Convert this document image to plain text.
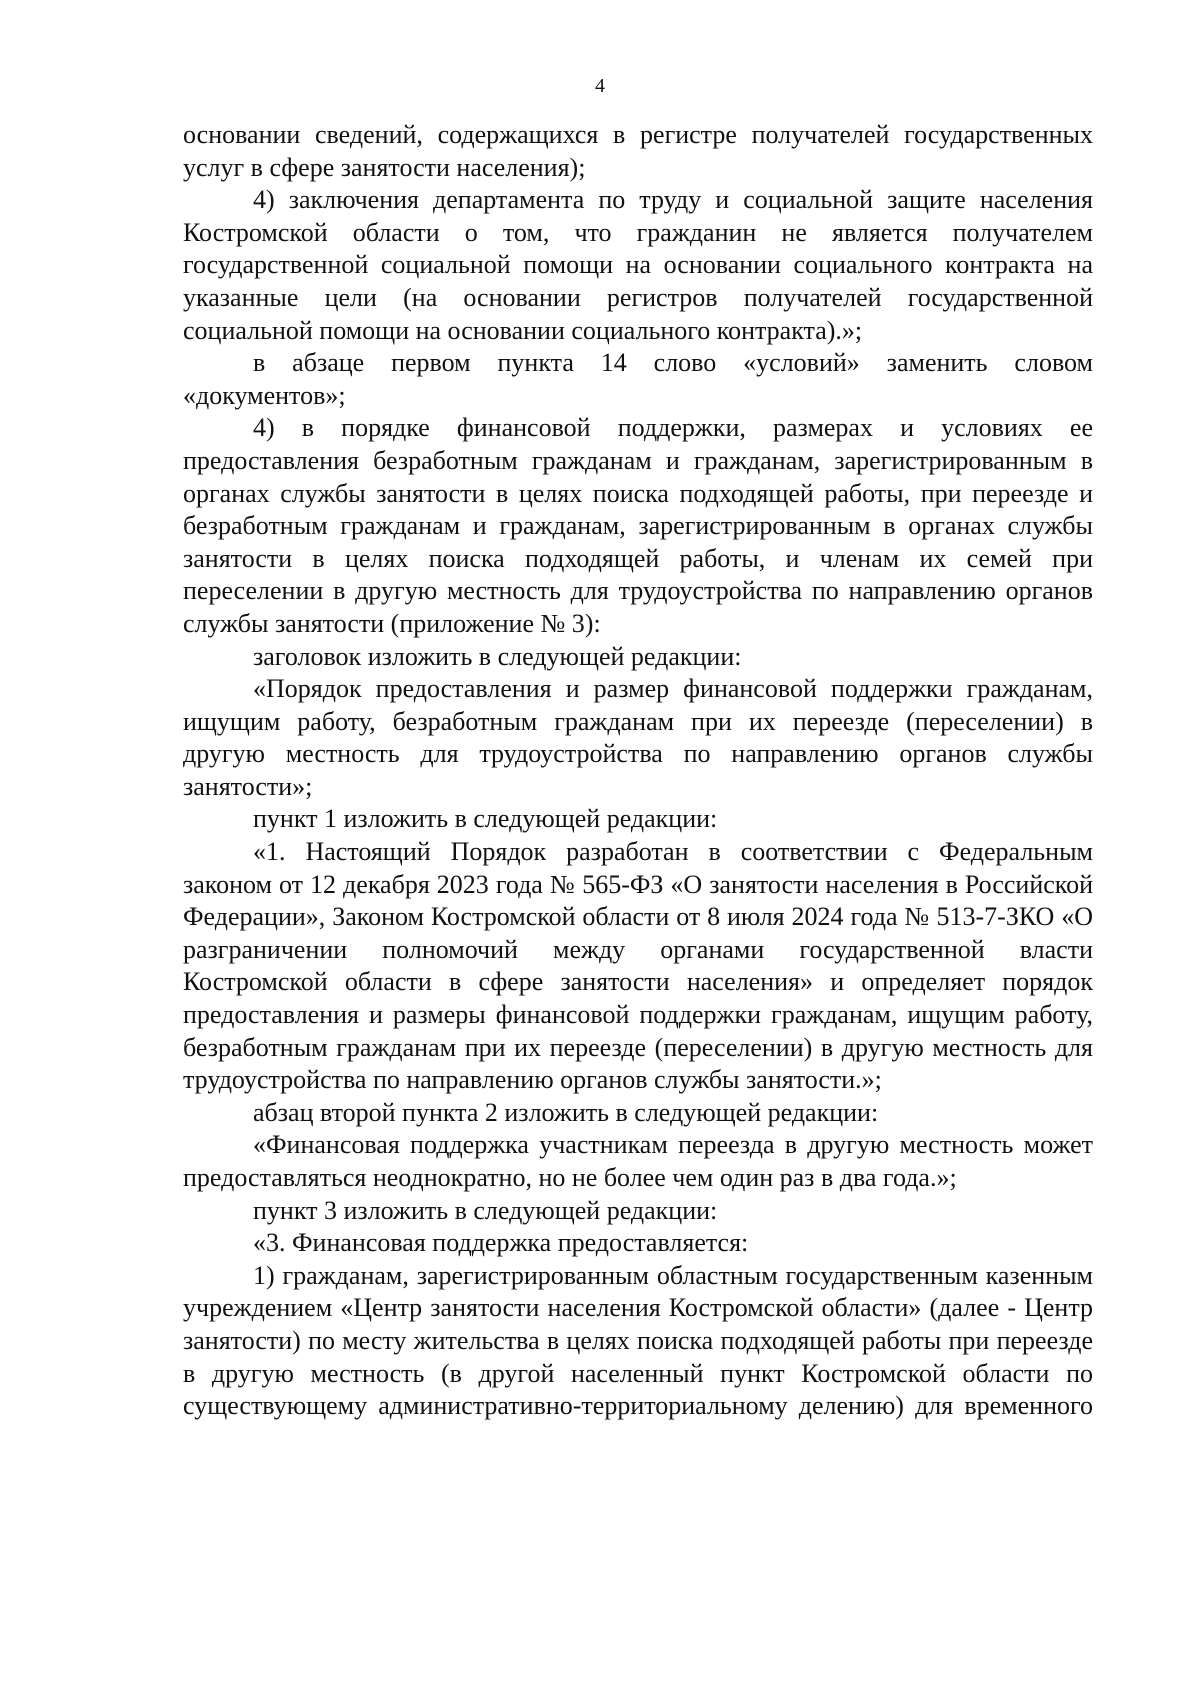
4

основании сведений, содержащихся в регистре получателей государственных услуг в сфере занятости населения);

4) заключения департамента по труду и социальной защите населения Костромской области о том, что гражданин не является получателем государственной социальной помощи на основании социального контракта на указанные цели (на основании регистров получателей государственной социальной помощи на основании социального контракта).»;

в абзаце первом пункта 14 слово «условий» заменить словом «документов»;

4) в порядке финансовой поддержки, размерах и условиях ее предоставления безработным гражданам и гражданам, зарегистрированным в органах службы занятости в целях поиска подходящей работы, при переезде и безработным гражданам и гражданам, зарегистрированным в органах службы занятости в целях поиска подходящей работы, и членам их семей при переселении в другую местность для трудоустройства по направлению органов службы занятости (приложение № 3):

заголовок изложить в следующей редакции:

«Порядок предоставления и размер финансовой поддержки гражданам, ищущим работу, безработным гражданам при их переезде (переселении) в другую местность для трудоустройства по направлению органов службы занятости»;

пункт 1 изложить в следующей редакции:

«1. Настоящий Порядок разработан в соответствии с Федеральным законом от 12 декабря 2023 года № 565-ФЗ «О занятости населения в Российской Федерации», Законом Костромской области от 8 июля 2024 года № 513-7-ЗКО «О разграничении полномочий между органами государственной власти Костромской области в сфере занятости населения» и определяет порядок предоставления и размеры финансовой поддержки гражданам, ищущим работу, безработным гражданам при их переезде (переселении) в другую местность для трудоустройства по направлению органов службы занятости.»;

абзац второй пункта 2 изложить в следующей редакции:

«Финансовая поддержка участникам переезда в другую местность может предоставляться неоднократно, но не более чем один раз в два года.»;

пункт 3 изложить в следующей редакции:

«3. Финансовая поддержка предоставляется:

1) гражданам, зарегистрированным областным государственным казенным учреждением «Центр занятости населения Костромской области» (далее - Центр занятости) по месту жительства в целях поиска подходящей работы при переезде в другую местность (в другой населенный пункт Костромской области по существующему административно-территориальному делению) для временного
